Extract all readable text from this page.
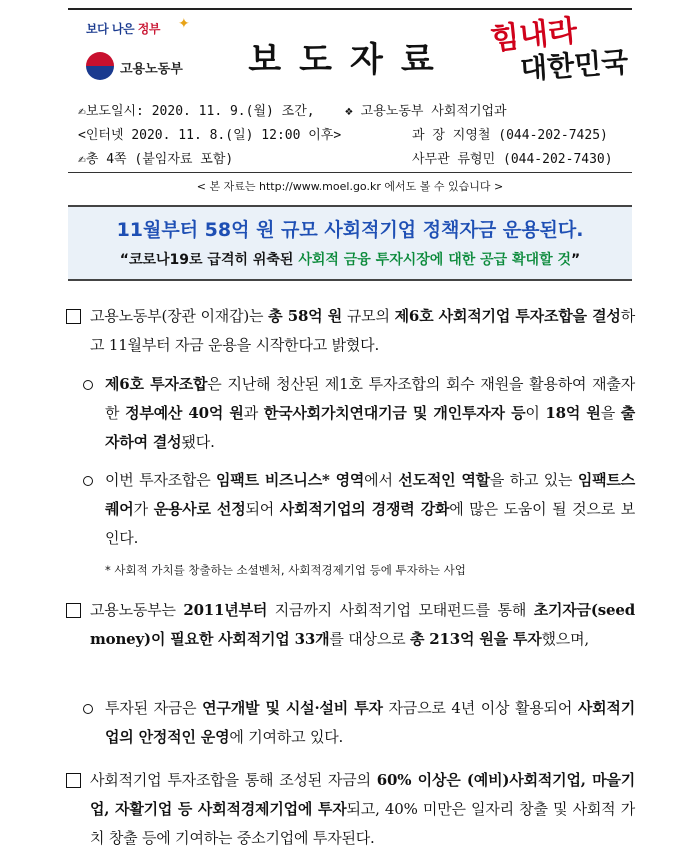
보다 나은 정부 ✦
고용노동부	보도자료
힘내라
대한민국
✍보도일시: 2020. 11. 9.(월) 조간,
<인터넷 2020. 11. 8.(일) 12:00 이후>
✍총 4쪽 (붙임자료 포함)
❖ 고용노동부 사회적기업과
과 장 지영철 (044-202-7425)
사무관 류형민 (044-202-7430)
< 본 자료는 http://www.moel.go.kr 에서도 볼 수 있습니다 >
11월부터 58억 원 규모 사회적기업 정책자금 운용된다.
“코로나19로 급격히 위축된 사회적 금융 투자시장에 대한 공급 확대할 것”
고용노동부(장관 이재갑)는 총 58억 원 규모의 제6호 사회적기업 투자조합을 결성하고 11월부터 자금 운용을 시작한다고 밝혔다.
제6호 투자조합은 지난해 청산된 제1호 투자조합의 회수 재원을 활용하여 재출자한 정부예산 40억 원과 한국사회가치연대기금 및 개인투자자 등이 18억 원을 출자하여 결성됐다.
이번 투자조합은 임팩트 비즈니스* 영역에서 선도적인 역할을 하고 있는 임팩트스퀘어가 운용사로 선정되어 사회적기업의 경쟁력 강화에 많은 도움이 될 것으로 보인다.
* 사회적 가치를 창출하는 소셜벤처, 사회적경제기업 등에 투자하는 사업
고용노동부는 2011년부터 지금까지 사회적기업 모태펀드를 통해 초기자금(seed money)이 필요한 사회적기업 33개를 대상으로 총 213억 원을 투자했으며,
투자된 자금은 연구개발 및 시설·설비 투자 자금으로 4년 이상 활용되어 사회적기업의 안정적인 운영에 기여하고 있다.
사회적기업 투자조합을 통해 조성된 자금의 60% 이상은 (예비)사회적기업, 마을기업, 자활기업 등 사회적경제기업에 투자되고, 40% 미만은 일자리 창출 및 사회적 가치 창출 등에 기여하는 중소기업에 투자된다.
